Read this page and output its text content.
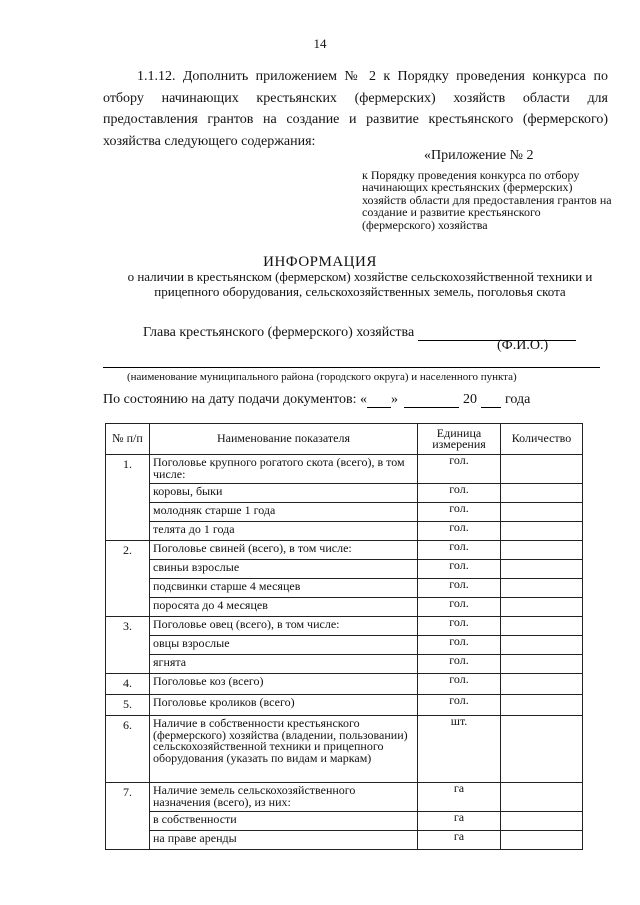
14
1.1.12. Дополнить приложением № 2 к Порядку проведения конкурса по отбору начинающих крестьянских (фермерских) хозяйств области для предоставления грантов на создание и развитие крестьянского (фермерского) хозяйства следующего содержания:
«Приложение № 2
к Порядку проведения конкурса по отбору начинающих крестьянских (фермерских) хозяйств области для предоставления грантов на создание и развитие крестьянского (фермерского) хозяйства
ИНФОРМАЦИЯ
о наличии в крестьянском (фермерском) хозяйстве сельскохозяйственной техники и прицепного оборудования, сельскохозяйственных земель, поголовья скота
Глава крестьянского (фермерского) хозяйства
(Ф.И.О.)
(наименование муниципального района (городского округа) и населенного пункта)
По состоянию на дату подачи документов: « »	20 года
№ п/п	Наименование показателя	Единица измерения	Количество
1.	Поголовье крупного рогатого скота (всего), в том числе:	гол.	
	коровы, быки	гол.	
	молодняк старше 1 года	гол.	
	телята до 1 года	гол.	
2.	Поголовье свиней (всего), в том числе:	гол.	
	свиньи взрослые	гол.	
	подсвинки старше 4 месяцев	гол.	
	поросята до 4 месяцев	гол.	
3.	Поголовье овец (всего), в том числе:	гол.	
	овцы взрослые	гол.	
	ягнята	гол.	
4.	Поголовье коз (всего)	гол.	
5.	Поголовье кроликов (всего)	гол.	
6.	Наличие в собственности крестьянского (фермерского) хозяйства (владении, пользовании) сельскохозяйственной техники и прицепного оборудования (указать по видам и маркам)	шт.	
7.	Наличие земель сельскохозяйственного назначения (всего), из них:	га	
	в собственности	га	
	на праве аренды	га	
